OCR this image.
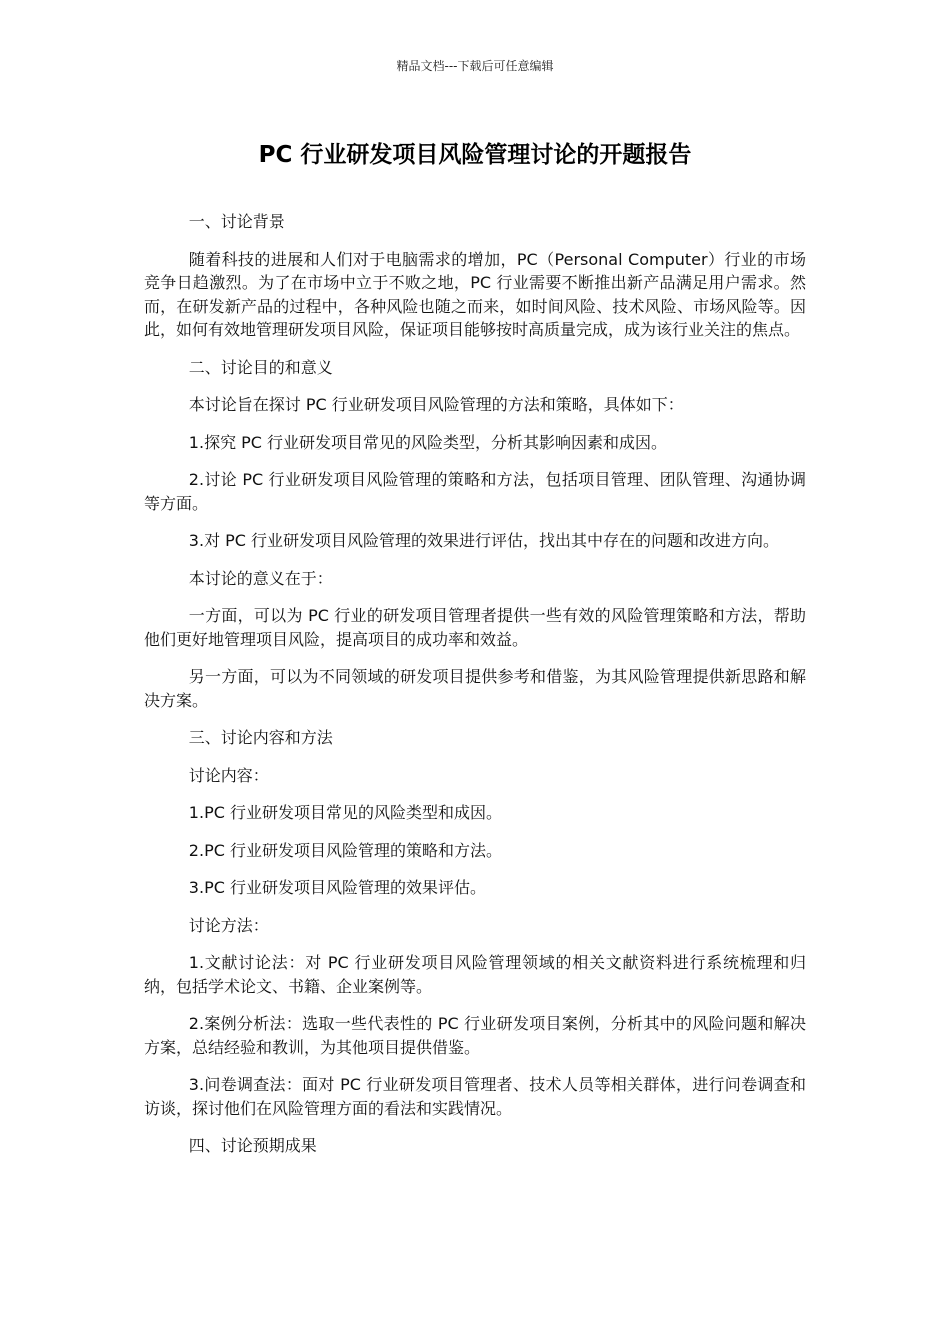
精品文档---下载后可任意编辑
PC 行业研发项目风险管理讨论的开题报告

一、讨论背景

随着科技的进展和人们对于电脑需求的增加，PC（Personal Computer）行业的市场竞争日趋激烈。为了在市场中立于不败之地，PC 行业需要不断推出新产品满足用户需求。然而，在研发新产品的过程中，各种风险也随之而来，如时间风险、技术风险、市场风险等。因此，如何有效地管理研发项目风险，保证项目能够按时高质量完成，成为该行业关注的焦点。

二、讨论目的和意义

本讨论旨在探讨 PC 行业研发项目风险管理的方法和策略，具体如下：

1.探究 PC 行业研发项目常见的风险类型，分析其影响因素和成因。

2.讨论 PC 行业研发项目风险管理的策略和方法，包括项目管理、团队管理、沟通协调等方面。

3.对 PC 行业研发项目风险管理的效果进行评估，找出其中存在的问题和改进方向。

本讨论的意义在于：

一方面，可以为 PC 行业的研发项目管理者提供一些有效的风险管理策略和方法，帮助他们更好地管理项目风险，提高项目的成功率和效益。

另一方面，可以为不同领域的研发项目提供参考和借鉴，为其风险管理提供新思路和解决方案。

三、讨论内容和方法

讨论内容：

1.PC 行业研发项目常见的风险类型和成因。

2.PC 行业研发项目风险管理的策略和方法。

3.PC 行业研发项目风险管理的效果评估。

讨论方法：

1.文献讨论法：对 PC 行业研发项目风险管理领域的相关文献资料进行系统梳理和归纳，包括学术论文、书籍、企业案例等。

2.案例分析法：选取一些代表性的 PC 行业研发项目案例，分析其中的风险问题和解决方案，总结经验和教训，为其他项目提供借鉴。

3.问卷调查法：面对 PC 行业研发项目管理者、技术人员等相关群体，进行问卷调查和访谈，探讨他们在风险管理方面的看法和实践情况。

四、讨论预期成果
